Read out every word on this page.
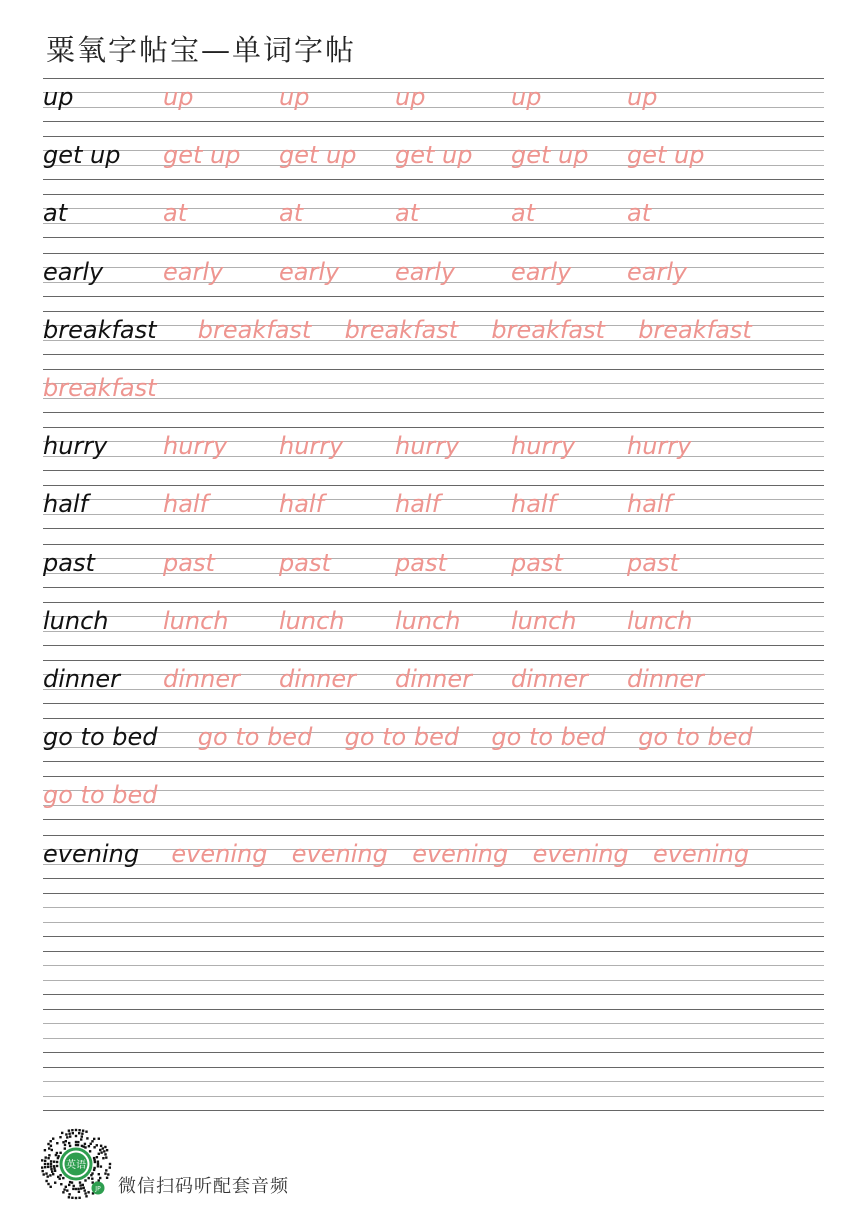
粟氧字帖宝—单词字帖
up	up	up	up	up	up
get up get up get up get up get up get up
at	at	at	at	at	at
early early early early early early
breakfast breakfast breakfast breakfast breakfast
breakfast
hurry hurry hurry hurry hurry hurry
half	half	half	half	half	half
past	past	past	past	past	past
lunch lunch lunch lunch lunch lunch
dinner dinner dinner dinner dinner dinner
go to bed go to bed go to bed go to bed go to bed
go to bed
evening evening evening evening evening evening
英语
JP 微信扫码听配套音频
